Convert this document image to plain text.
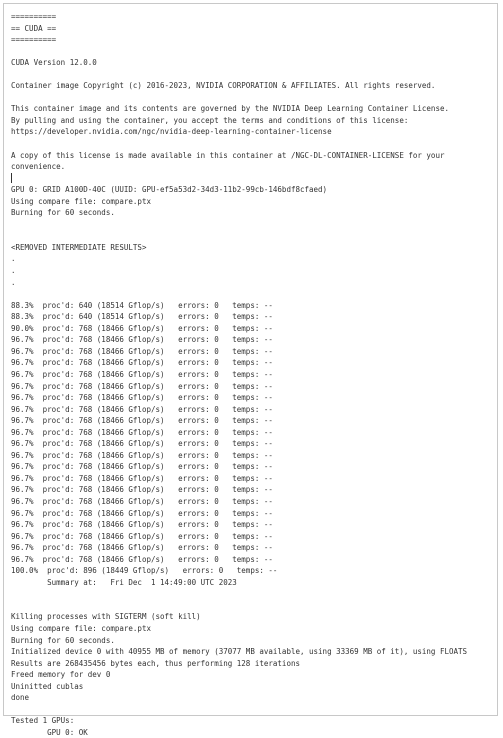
==========
== CUDA ==
==========
CUDA Version 12.0.0
Container image Copyright (c) 2016-2023, NVIDIA CORPORATION & AFFILIATES. All rights reserved.
This container image and its contents are governed by the NVIDIA Deep Learning Container License.
By pulling and using the container, you accept the terms and conditions of this license:
https://developer.nvidia.com/ngc/nvidia-deep-learning-container-license
A copy of this license is made available in this container at /NGC-DL-CONTAINER-LICENSE for your
convenience.
GPU 0: GRID A100D-40C (UUID: GPU-ef5a53d2-34d3-11b2-99cb-146bdf8cfaed)
Using compare file: compare.ptx
Burning for 60 seconds.
<REMOVED INTERMEDIATE RESULTS>
.
.
.
88.3%  proc'd: 640 (18514 Gflop/s)   errors: 0   temps: --
88.3%  proc'd: 640 (18514 Gflop/s)   errors: 0   temps: --
90.0%  proc'd: 768 (18466 Gflop/s)   errors: 0   temps: --
96.7%  proc'd: 768 (18466 Gflop/s)   errors: 0   temps: --
96.7%  proc'd: 768 (18466 Gflop/s)   errors: 0   temps: --
96.7%  proc'd: 768 (18466 Gflop/s)   errors: 0   temps: --
96.7%  proc'd: 768 (18466 Gflop/s)   errors: 0   temps: --
96.7%  proc'd: 768 (18466 Gflop/s)   errors: 0   temps: --
96.7%  proc'd: 768 (18466 Gflop/s)   errors: 0   temps: --
96.7%  proc'd: 768 (18466 Gflop/s)   errors: 0   temps: --
96.7%  proc'd: 768 (18466 Gflop/s)   errors: 0   temps: --
96.7%  proc'd: 768 (18466 Gflop/s)   errors: 0   temps: --
96.7%  proc'd: 768 (18466 Gflop/s)   errors: 0   temps: --
96.7%  proc'd: 768 (18466 Gflop/s)   errors: 0   temps: --
96.7%  proc'd: 768 (18466 Gflop/s)   errors: 0   temps: --
96.7%  proc'd: 768 (18466 Gflop/s)   errors: 0   temps: --
96.7%  proc'd: 768 (18466 Gflop/s)   errors: 0   temps: --
96.7%  proc'd: 768 (18466 Gflop/s)   errors: 0   temps: --
96.7%  proc'd: 768 (18466 Gflop/s)   errors: 0   temps: --
96.7%  proc'd: 768 (18466 Gflop/s)   errors: 0   temps: --
96.7%  proc'd: 768 (18466 Gflop/s)   errors: 0   temps: --
96.7%  proc'd: 768 (18466 Gflop/s)   errors: 0   temps: --
96.7%  proc'd: 768 (18466 Gflop/s)   errors: 0   temps: --
100.0%  proc'd: 896 (18449 Gflop/s)   errors: 0   temps: --
Summary at:   Fri Dec  1 14:49:00 UTC 2023
Killing processes with SIGTERM (soft kill)
Using compare file: compare.ptx
Burning for 60 seconds.
Initialized device 0 with 40955 MB of memory (37077 MB available, using 33369 MB of it), using FLOATS
Results are 268435456 bytes each, thus performing 128 iterations
Freed memory for dev 0
Uninitted cublas
done
Tested 1 GPUs:
GPU 0: OK
